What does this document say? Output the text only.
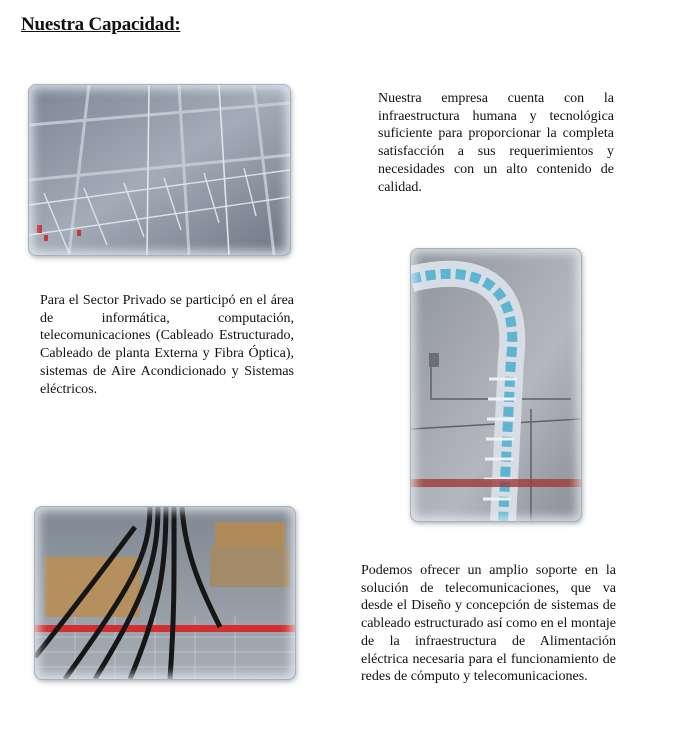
Nuestra Capacidad:

Nuestra empresa cuenta con la infraestructura humana y tecnológica suficiente para proporcionar la completa satisfacción a sus requerimientos y necesidades con un alto contenido de calidad.

Para el Sector Privado se participó en el área de informática, computación, telecomunicaciones (Cableado Estructurado, Cableado de planta Externa y Fibra Óptica), sistemas de Aire Acondicionado y Sistemas eléctricos.

Podemos ofrecer un amplio soporte en la solución de telecomunicaciones, que va desde el Diseño y concepción de sistemas de cableado estructurado así como en el montaje de la infraestructura de Alimentación eléctrica necesaria para el funcionamiento de redes de cómputo y telecomunicaciones.
